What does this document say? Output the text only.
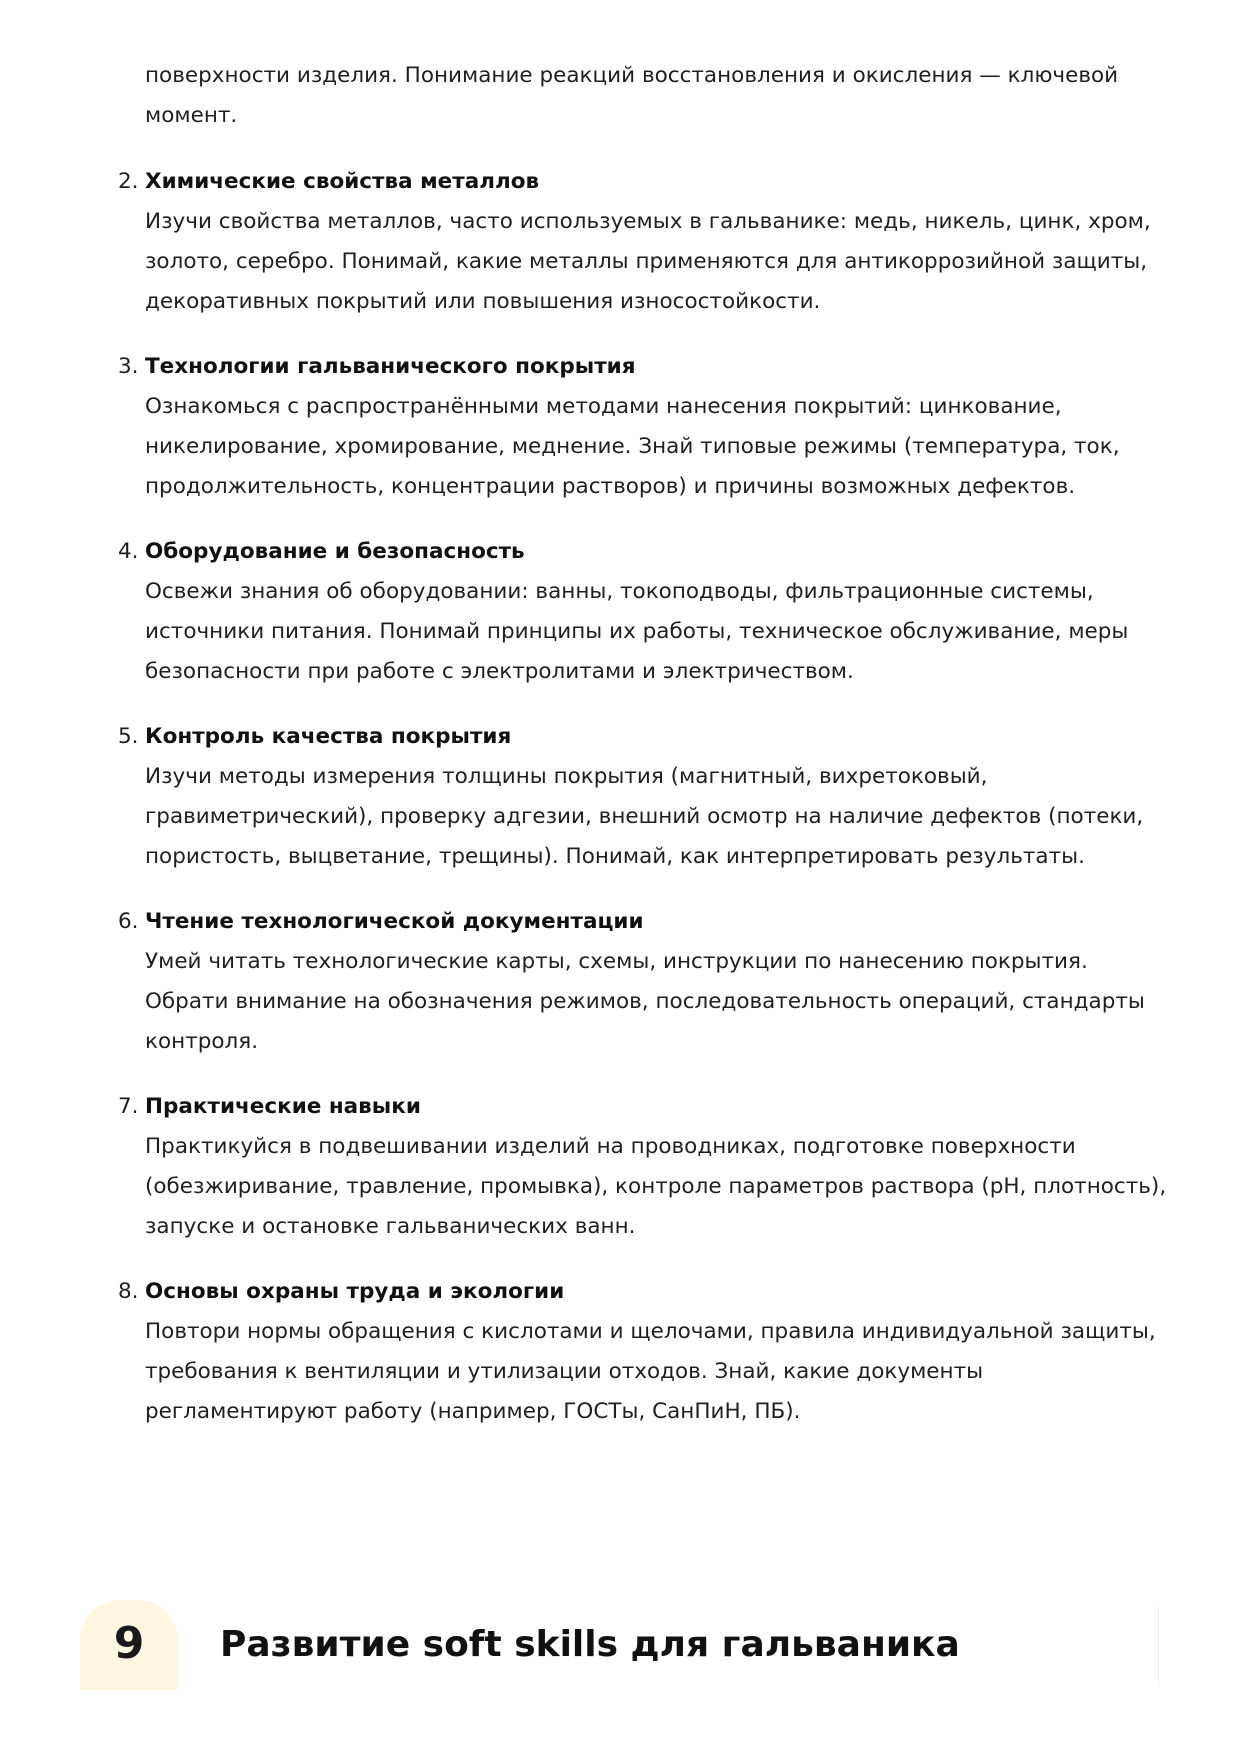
поверхности изделия. Понимание реакций восстановления и окисления — ключевой момент.

2. Химические свойства металлов
Изучи свойства металлов, часто используемых в гальванике: медь, никель, цинк, хром, золото, серебро. Понимай, какие металлы применяются для антикоррозийной защиты, декоративных покрытий или повышения износостойкости.
3. Технологии гальванического покрытия
Ознакомься с распространёнными методами нанесения покрытий: цинкование, никелирование, хромирование, меднение. Знай типовые режимы (температура, ток, продолжительность, концентрации растворов) и причины возможных дефектов.
4. Оборудование и безопасность
Освежи знания об оборудовании: ванны, токоподводы, фильтрационные системы, источники питания. Понимай принципы их работы, техническое обслуживание, меры безопасности при работе с электролитами и электричеством.
5. Контроль качества покрытия
Изучи методы измерения толщины покрытия (магнитный, вихретоковый, гравиметрический), проверку адгезии, внешний осмотр на наличие дефектов (потеки, пористость, выцветание, трещины). Понимай, как интерпретировать результаты.
6. Чтение технологической документации
Умей читать технологические карты, схемы, инструкции по нанесению покрытия. Обрати внимание на обозначения режимов, последовательность операций, стандарты контроля.
7. Практические навыки
Практикуйся в подвешивании изделий на проводниках, подготовке поверхности (обезжиривание, травление, промывка), контроле параметров раствора (pH, плотность), запуске и остановке гальванических ванн.
8. Основы охраны труда и экологии
Повтори нормы обращения с кислотами и щелочами, правила индивидуальной защиты, требования к вентиляции и утилизации отходов. Знай, какие документы регламентируют работу (например, ГОСТы, СанПиН, ПБ).
9	Развитие soft skills для гальваника
